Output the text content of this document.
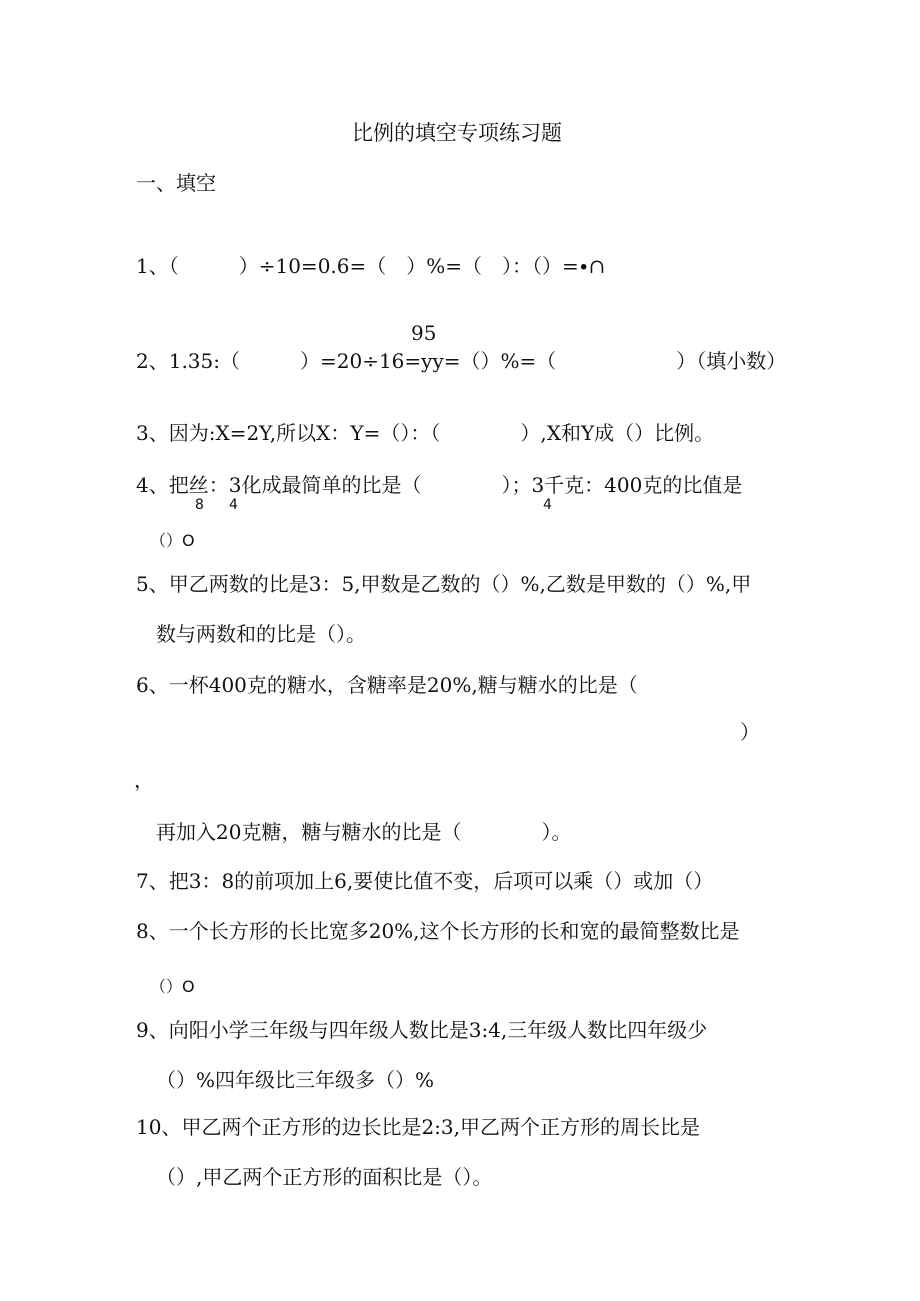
比例的填空专项练习题
一、填空
1、（　　　）÷10=0.6=（　）%=（　）：（）=∙∩
95
2、1.35:（　　　）=20÷16=yy=（）%=（　　　　　　）（填小数）
3、因为:X=2Y,所以X：Y=（）：（　　　　）,X和Y成（）比例。
4、把丝：3化成最简单的比是（　　　　）；3千克：400克的比值是
8 4	4
（）O
5、甲乙两数的比是3：5,甲数是乙数的（）%,乙数是甲数的（）%,甲
数与两数和的比是（）。
6、一杯400克的糖水，含糖率是20%,糖与糖水的比是（
）
，
再加入20克糖，糖与糖水的比是（　　　　）。
7、把3：8的前项加上6,要使比值不变，后项可以乘（）或加（）
8、一个长方形的长比宽多20%,这个长方形的长和宽的最简整数比是
（）O
9、向阳小学三年级与四年级人数比是3:4,三年级人数比四年级少
（）%四年级比三年级多（）%
10、甲乙两个正方形的边长比是2:3,甲乙两个正方形的周长比是
（）,甲乙两个正方形的面积比是（）。
